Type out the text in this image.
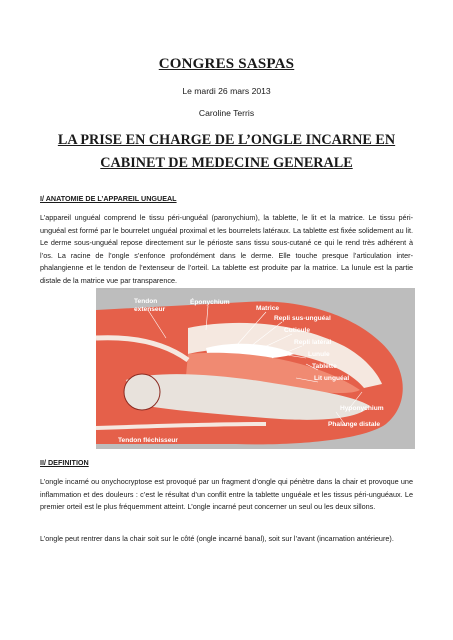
CONGRES SASPAS
Le mardi 26 mars 2013
Caroline Terris
LA PRISE EN CHARGE DE L’ONGLE INCARNE EN
CABINET DE MEDECINE GENERALE
I/ ANATOMIE DE L’APPAREIL UNGUEAL

L’appareil unguéal comprend le tissu péri-unguéal (paronychium), la tablette, le lit et la matrice. Le tissu péri-unguéal est formé par le bourrelet unguéal proximal et les bourrelets latéraux. La tablette est fixée solidement au lit. Le derme sous-unguéal repose directement sur le périoste sans tissu sous-cutané ce qui le rend très adhérent à l’os. La racine de l’ongle s’enfonce profondément dans le derme. Elle touche presque l’articulation inter-phalangienne et le tendon de l’extenseur de l’orteil. La tablette est produite par la matrice. La lunule est la partie distale de la matrice vue par transparence.

Tendon
extenseur
Éponychium
Matrice
Repli sus-unguéal
Cuticule
Repli latéral
Lunule
Tablette
Lit unguéal
Hyponychium
Phalange distale
Tendon fléchisseur
II/ DEFINITION

L’ongle incarné ou onychocryptose est provoqué par un fragment d’ongle qui pénètre dans la chair et provoque une inflammation et des douleurs : c’est le résultat d’un conflit entre la tablette unguéale et les tissus péri-unguéaux. Le premier orteil est le plus fréquemment atteint. L’ongle incarné peut concerner un seul ou les deux sillons.

L’ongle peut rentrer dans la chair soit sur le côté (ongle incarné banal), soit sur l’avant (incarnation antérieure).
